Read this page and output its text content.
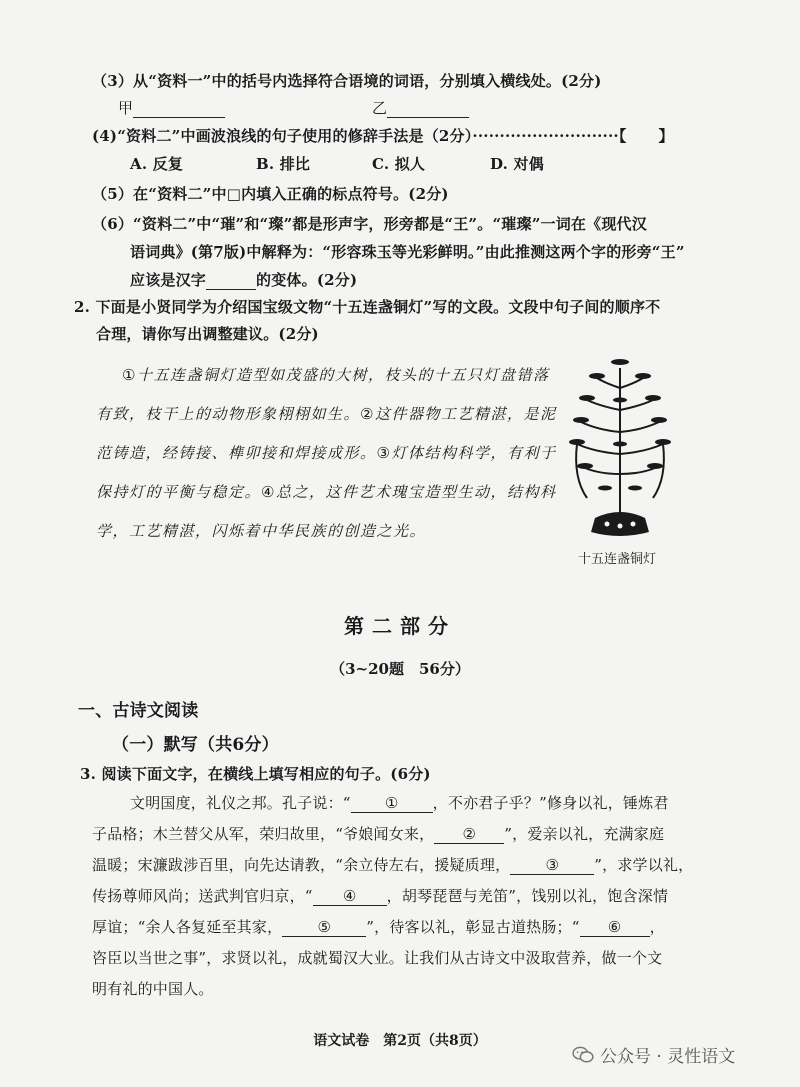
（3）从“资料一”中的括号内选择符合语境的词语，分别填入横线处。(2分)
甲	乙
(4)“资料二”中画波浪线的句子使用的修辞手法是（2分）···························【 】
A. 反复	B. 排比	C. 拟人	D. 对偶
（5）在“资料二”中□内填入正确的标点符号。(2分)
（6）“资料二”中“璀”和“璨”都是形声字，形旁都是“王”。“璀璨”一词在《现代汉
语词典》(第7版)中解释为：“形容珠玉等光彩鲜明。”由此推测这两个字的形旁“王”
应该是汉字	的变体。(2分)
2. 下面是小贤同学为介绍国宝级文物“十五连盏铜灯”写的文段。文段中句子间的顺序不
合理，请你写出调整建议。(2分)
①十五连盏铜灯造型如茂盛的大树，枝头的十五只灯盘错落
有致，枝干上的动物形象栩栩如生。②这件器物工艺精湛，是泥
范铸造，经铸接、榫卯接和焊接成形。③灯体结构科学，有利于
保持灯的平衡与稳定。④总之，这件艺术瑰宝造型生动，结构科
学，工艺精湛，闪烁着中华民族的创造之光。
十五连盏铜灯
第二部分
（3~20题　56分）
一、古诗文阅读
（一）默写（共6分）
3. 阅读下面文字，在横线上填写相应的句子。(6分)
文明国度，礼仪之邦。孔子说：“ ① ，不亦君子乎？”修身以礼，锤炼君
子品格；木兰替父从军，荣归故里，“爷娘闻女来， ② ”，爱亲以礼，充满家庭
温暖；宋濂跋涉百里，向先达请教，“余立侍左右，援疑质理， ③ ”，求学以礼，
传扬尊师风尚；送武判官归京，“ ④ ，胡琴琵琶与羌笛”，饯别以礼，饱含深情
厚谊；“余人各复延至其家， ⑤ ”，待客以礼，彰显古道热肠；“ ⑥ ，
咨臣以当世之事”，求贤以礼，成就蜀汉大业。让我们从古诗文中汲取营养，做一个文
明有礼的中国人。
语文试卷　第2页（共8页）
公众号 · 灵性语文
